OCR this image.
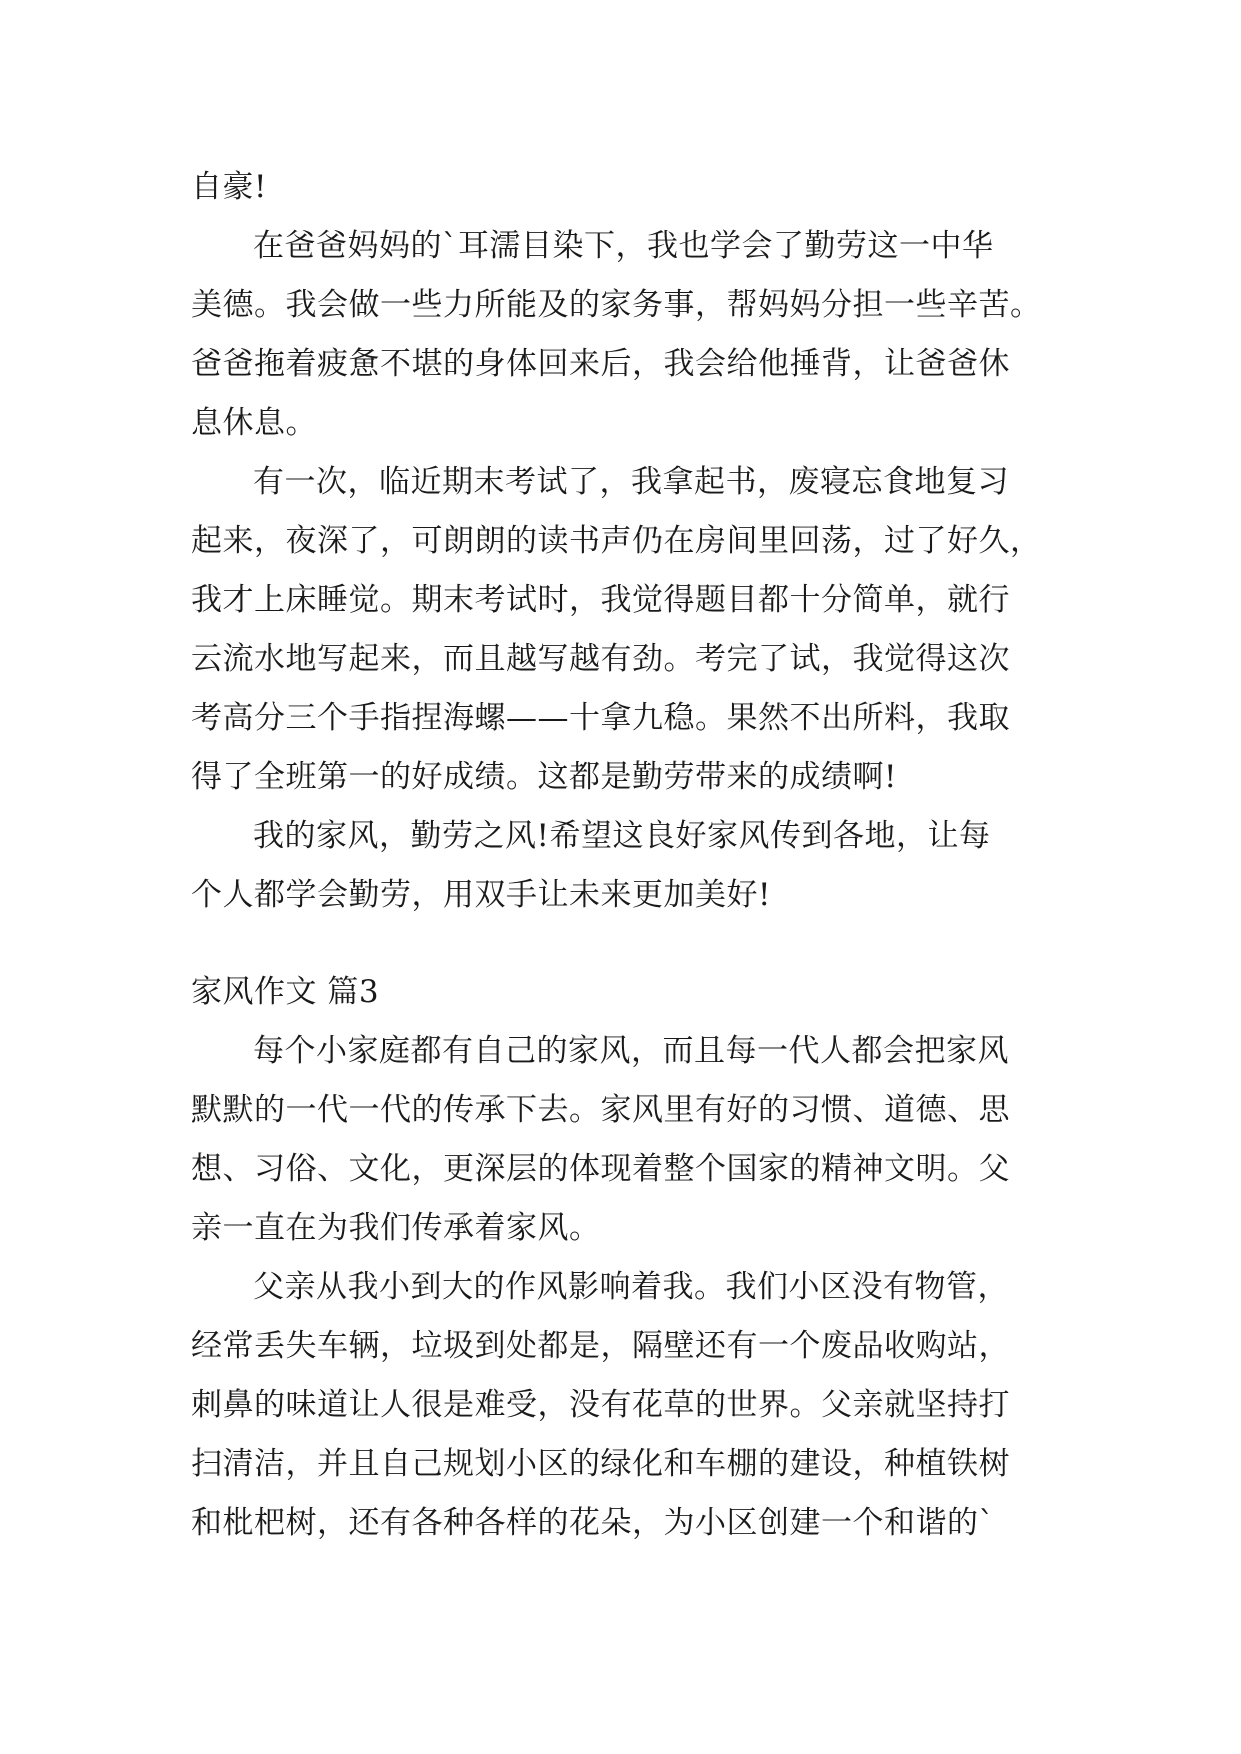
自豪!
在爸爸妈妈的`耳濡目染下，我也学会了勤劳这一中华
美德。我会做一些力所能及的家务事，帮妈妈分担一些辛苦。
爸爸拖着疲惫不堪的身体回来后，我会给他捶背，让爸爸休
息休息。
有一次，临近期末考试了，我拿起书，废寝忘食地复习
起来，夜深了，可朗朗的读书声仍在房间里回荡，过了好久，
我才上床睡觉。期末考试时，我觉得题目都十分简单，就行
云流水地写起来，而且越写越有劲。考完了试，我觉得这次
考高分三个手指捏海螺——十拿九稳。果然不出所料，我取
得了全班第一的好成绩。这都是勤劳带来的成绩啊!
我的家风，勤劳之风!希望这良好家风传到各地，让每
个人都学会勤劳，用双手让未来更加美好!
家风作文 篇3
每个小家庭都有自己的家风，而且每一代人都会把家风
默默的一代一代的传承下去。家风里有好的习惯、道德、思
想、习俗、文化，更深层的体现着整个国家的精神文明。父
亲一直在为我们传承着家风。
父亲从我小到大的作风影响着我。我们小区没有物管，
经常丢失车辆，垃圾到处都是，隔壁还有一个废品收购站，
刺鼻的味道让人很是难受，没有花草的世界。父亲就坚持打
扫清洁，并且自己规划小区的绿化和车棚的建设，种植铁树
和枇杷树，还有各种各样的花朵，为小区创建一个和谐的`
